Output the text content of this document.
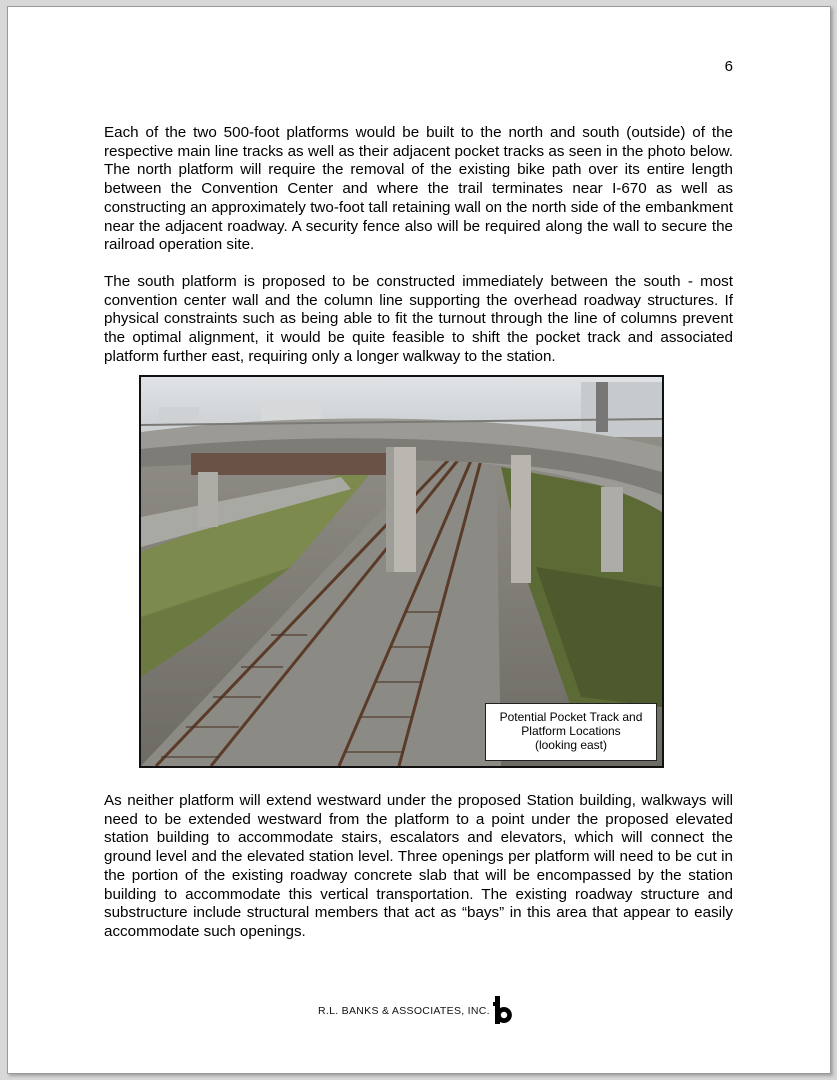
6

Each of the two 500-foot platforms would be built to the north and south (outside) of the respective main line tracks as well as their adjacent pocket tracks as seen in the photo below. The north platform will require the removal of the existing bike path over its entire length between the Convention Center and where the trail terminates near I-670 as well as constructing an approximately two-foot tall retaining wall on the north side of the embankment near the adjacent roadway. A security fence also will be required along the wall to secure the railroad operation site.

The south platform is proposed to be constructed immediately between the south - most convention center wall and the column line supporting the overhead roadway structures. If physical constraints such as being able to fit the turnout through the line of columns prevent the optimal alignment, it would be quite feasible to shift the pocket track and associated platform further east, requiring only a longer walkway to the station.

Potential Pocket Track and
Platform Locations
(looking east)

As neither platform will extend westward under the proposed Station building, walkways will need to be extended westward from the platform to a point under the proposed elevated station building to accommodate stairs, escalators and elevators, which will connect the ground level and the elevated station level. Three openings per platform will need to be cut in the portion of the existing roadway concrete slab that will be encompassed by the station building to accommodate this vertical transportation. The existing roadway structure and substructure include structural members that act as “bays” in this area that appear to easily accommodate such openings.

R.L. BANKS & ASSOCIATES, INC.
